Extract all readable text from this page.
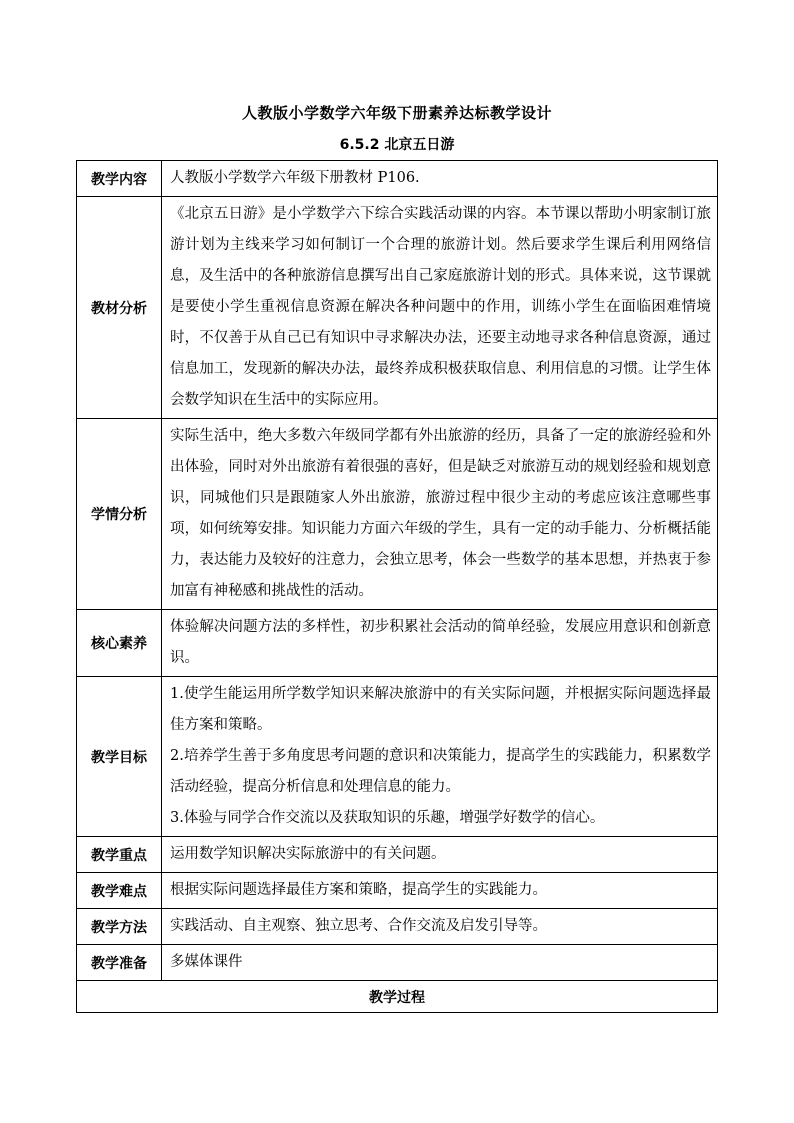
人教版小学数学六年级下册素养达标教学设计
6.5.2 北京五日游
教学内容	人教版小学数学六年级下册教材 P106.

教材分析	《北京五日游》是小学数学六下综合实践活动课的内容。本节课以帮助小明家制订旅游计划为主线来学习如何制订一个合理的旅游计划。然后要求学生课后利用网络信息，及生活中的各种旅游信息撰写出自己家庭旅游计划的形式。具体来说，这节课就是要使小学生重视信息资源在解决各种问题中的作用，训练小学生在面临困难情境时，不仅善于从自己已有知识中寻求解决办法，还要主动地寻求各种信息资源，通过信息加工，发现新的解决办法，最终养成积极获取信息、利用信息的习惯。让学生体会数学知识在生活中的实际应用。

学情分析	实际生活中，绝大多数六年级同学都有外出旅游的经历，具备了一定的旅游经验和外出体验，同时对外出旅游有着很强的喜好，但是缺乏对旅游互动的规划经验和规划意识，同城他们只是跟随家人外出旅游，旅游过程中很少主动的考虑应该注意哪些事项，如何统筹安排。知识能力方面六年级的学生，具有一定的动手能力、分析概括能力，表达能力及较好的注意力，会独立思考，体会一些数学的基本思想，并热衷于参加富有神秘感和挑战性的活动。

核心素养	体验解决问题方法的多样性，初步积累社会活动的简单经验，发展应用意识和创新意识。

教学目标	1.使学生能运用所学数学知识来解决旅游中的有关实际问题，并根据实际问题选择最佳方案和策略。

2.培养学生善于多角度思考问题的意识和决策能力，提高学生的实践能力，积累数学活动经验，提高分析信息和处理信息的能力。

3.体验与同学合作交流以及获取知识的乐趣，增强学好数学的信心。

教学重点	运用数学知识解决实际旅游中的有关问题。

教学难点	根据实际问题选择最佳方案和策略，提高学生的实践能力。

教学方法	实践活动、自主观察、独立思考、合作交流及启发引导等。

教学准备	多媒体课件

教学过程	
